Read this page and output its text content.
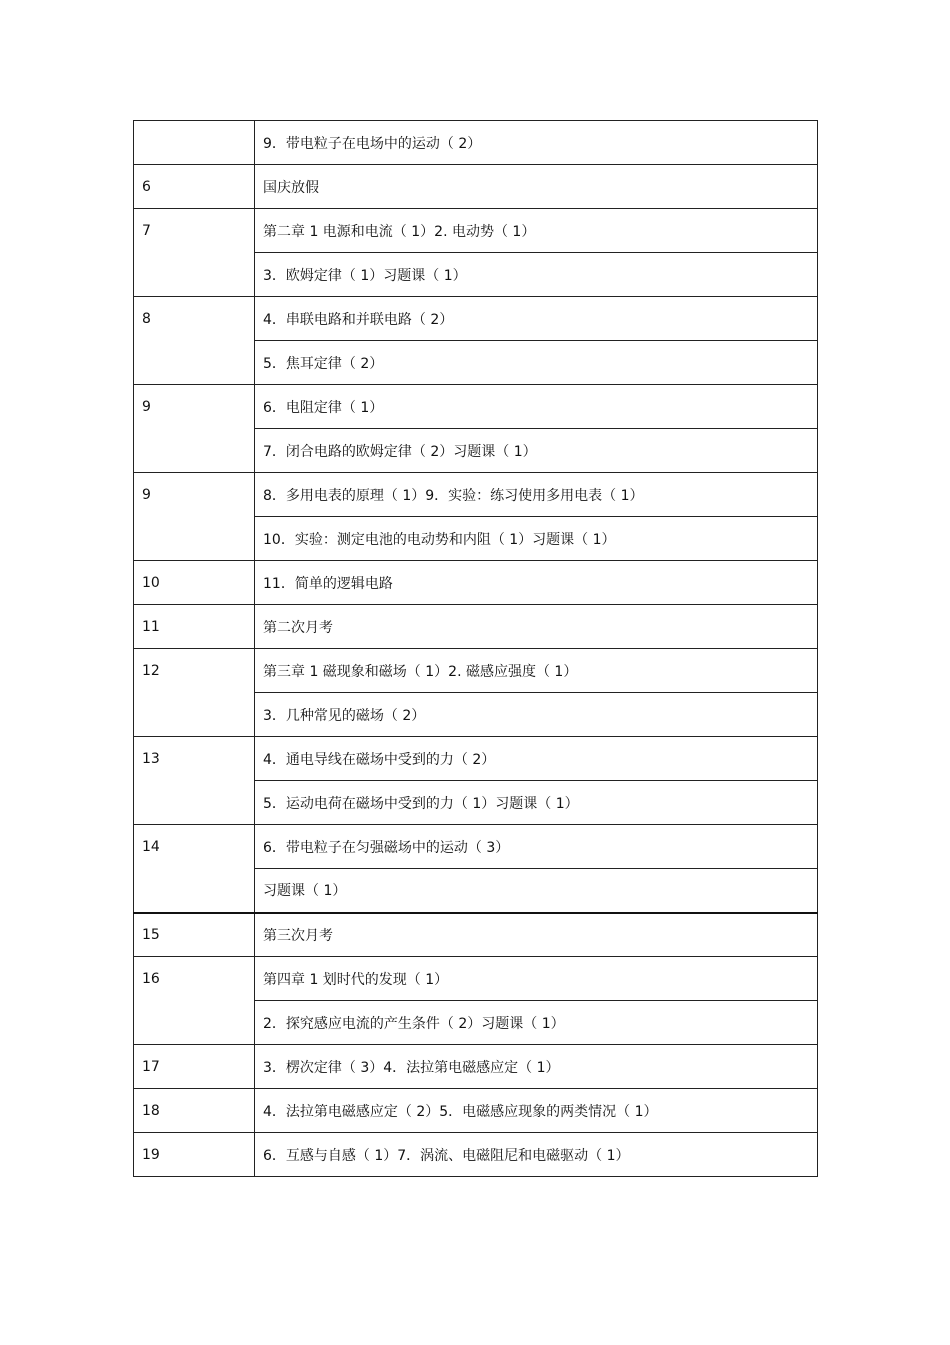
	9．带电粒子在电场中的运动（ 2）
6	国庆放假
7	第二章 1 电源和电流（ 1）2. 电动势（ 1）
	3．欧姆定律（ 1）习题课（ 1）
8	4．串联电路和并联电路（ 2）
	5．焦耳定律（ 2）
9	6．电阻定律（ 1）
	7．闭合电路的欧姆定律（ 2）习题课（ 1）
9	8．多用电表的原理（ 1）9．实验：练习使用多用电表（ 1）
	10．实验：测定电池的电动势和内阻（ 1）习题课（ 1）
10	11．简单的逻辑电路
11	第二次月考
12	第三章 1 磁现象和磁场（ 1）2. 磁感应强度（ 1）
	3．几种常见的磁场（ 2）
13	4．通电导线在磁场中受到的力（ 2）
	5．运动电荷在磁场中受到的力（ 1）习题课（ 1）
14	6．带电粒子在匀强磁场中的运动（ 3）
	习题课（ 1）
15	第三次月考
16	第四章 1 划时代的发现（ 1）
	2．探究感应电流的产生条件（ 2）习题课（ 1）
17	3．楞次定律（ 3）4．法拉第电磁感应定（ 1）
18	4．法拉第电磁感应定（ 2）5．电磁感应现象的两类情况（ 1）
19	6．互感与自感（ 1）7．涡流、电磁阻尼和电磁驱动（ 1）
